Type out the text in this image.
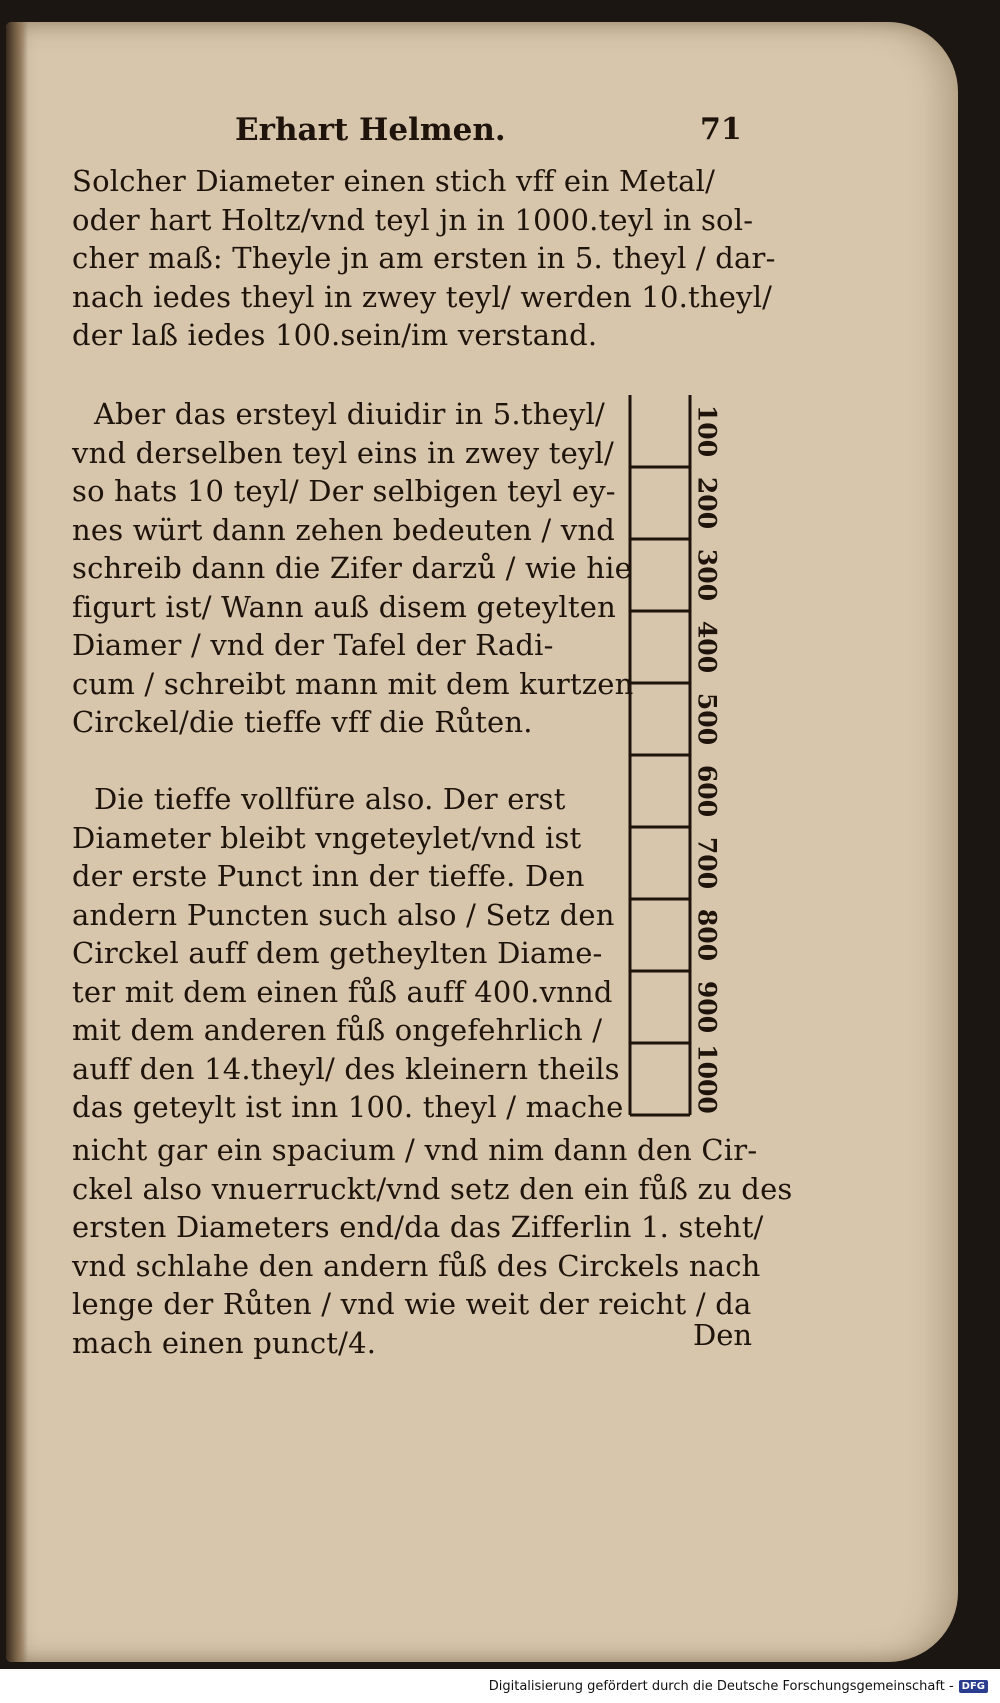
Erhart Helmen.	71
Solcher Diameter einen stich vff ein Metal/
oder hart Holtz/vnd teyl jn in 1000.teyl in sol-
cher maß: Theyle jn am ersten in 5. theyl / dar-
nach iedes theyl in zwey teyl/ werden 10.theyl/
der laß iedes 100.sein/im verstand.
Aber das ersteyl diuidir in 5.theyl/
vnd derselben teyl eins in zwey teyl/
so hats 10 teyl/ Der selbigen teyl ey-
nes würt dann zehen bedeuten / vnd
schreib dann die Zifer darzů / wie hie
figurt ist/ Wann auß disem geteylten
Diamer / vnd der Tafel der Radi-
cum / schreibt mann mit dem kurtzen
Circkel/die tieffe vff die Růten.
Die tieffe vollfüre also. Der erst
Diameter bleibt vngeteylet/vnd ist
der erste Punct inn der tieffe. Den
andern Puncten such also / Setz den
Circkel auff dem getheylten Diame-
ter mit dem einen fůß auff 400.vnnd
mit dem anderen fůß ongefehrlich /
auff den 14.theyl/ des kleinern theils
das geteylt ist inn 100. theyl / mache
nicht gar ein spacium / vnd nim dann den Cir-
ckel also vnuerruckt/vnd setz den ein fůß zu des
ersten Diameters end/da das Zifferlin 1. steht/
vnd schlahe den andern fůß des Circkels nach
lenge der Růten / vnd wie weit der reicht / da
mach einen punct/4.	Den
100
200
300
400
500
600
700
800
900
1000
Digitalisierung gefördert durch die Deutsche Forschungsgemeinschaft - DFG
